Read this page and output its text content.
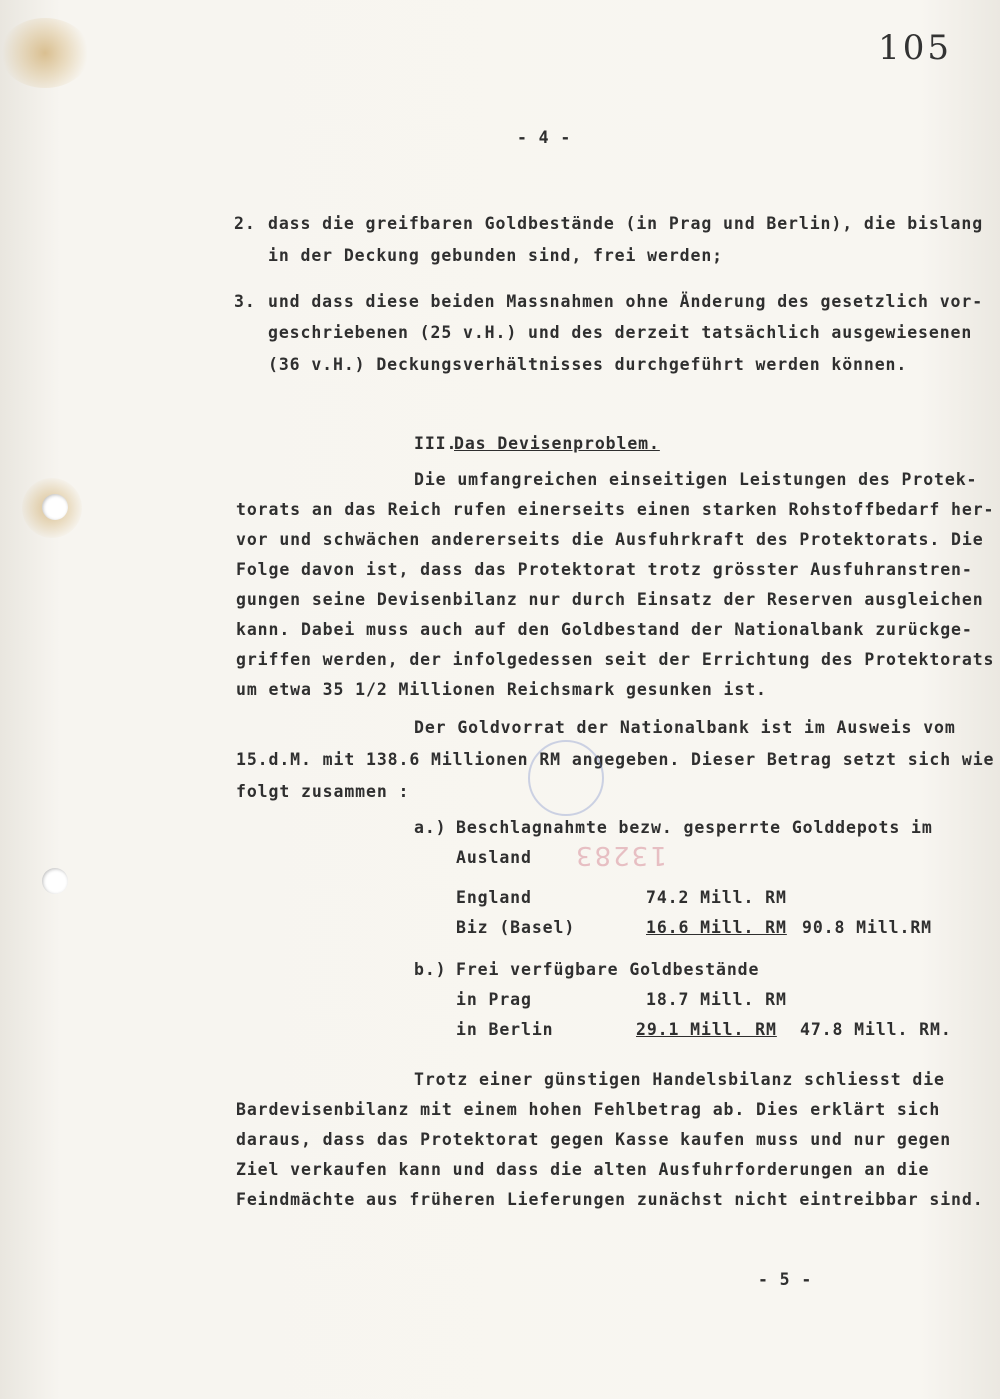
105
- 4 -
2. dass die greifbaren Goldbestände (in Prag und Berlin), die bislang
in der Deckung gebunden sind, frei werden;
3. und dass diese beiden Massnahmen ohne Änderung des gesetzlich vor-
geschriebenen (25 v.H.) und des derzeit tatsächlich ausgewiesenen
(36 v.H.) Deckungsverhältnisses durchgeführt werden können.
III.
Das Devisenproblem.
Die umfangreichen einseitigen Leistungen des Protek-
torats an das Reich rufen einerseits einen starken Rohstoffbedarf her-
vor und schwächen andererseits die Ausfuhrkraft des Protektorats. Die
Folge davon ist, dass das Protektorat trotz grösster Ausfuhranstren-
gungen seine Devisenbilanz nur durch Einsatz der Reserven ausgleichen
kann. Dabei muss auch auf den Goldbestand der Nationalbank zurückge-
griffen werden, der infolgedessen seit der Errichtung des Protektorats
um etwa 35 1/2 Millionen Reichsmark gesunken ist.
Der Goldvorrat der Nationalbank ist im Ausweis vom
15.d.M. mit 138.6 Millionen RM angegeben. Dieser Betrag setzt sich wie
folgt zusammen :
a.) Beschlagnahmte bezw. gesperrte Golddepots im
Ausland
England	74.2 Mill. RM
Biz (Basel)	16.6 Mill. RM 90.8 Mill.RM
b.) Frei verfügbare Goldbestände
in Prag	18.7 Mill. RM
in Berlin	29.1 Mill. RM 47.8 Mill. RM.
Trotz einer günstigen Handelsbilanz schliesst die
Bardevisenbilanz mit einem hohen Fehlbetrag ab. Dies erklärt sich
daraus, dass das Protektorat gegen Kasse kaufen muss und nur gegen
Ziel verkaufen kann und dass die alten Ausfuhrforderungen an die
Feindmächte aus früheren Lieferungen zunächst nicht eintreibbar sind.
- 5 -
13283
